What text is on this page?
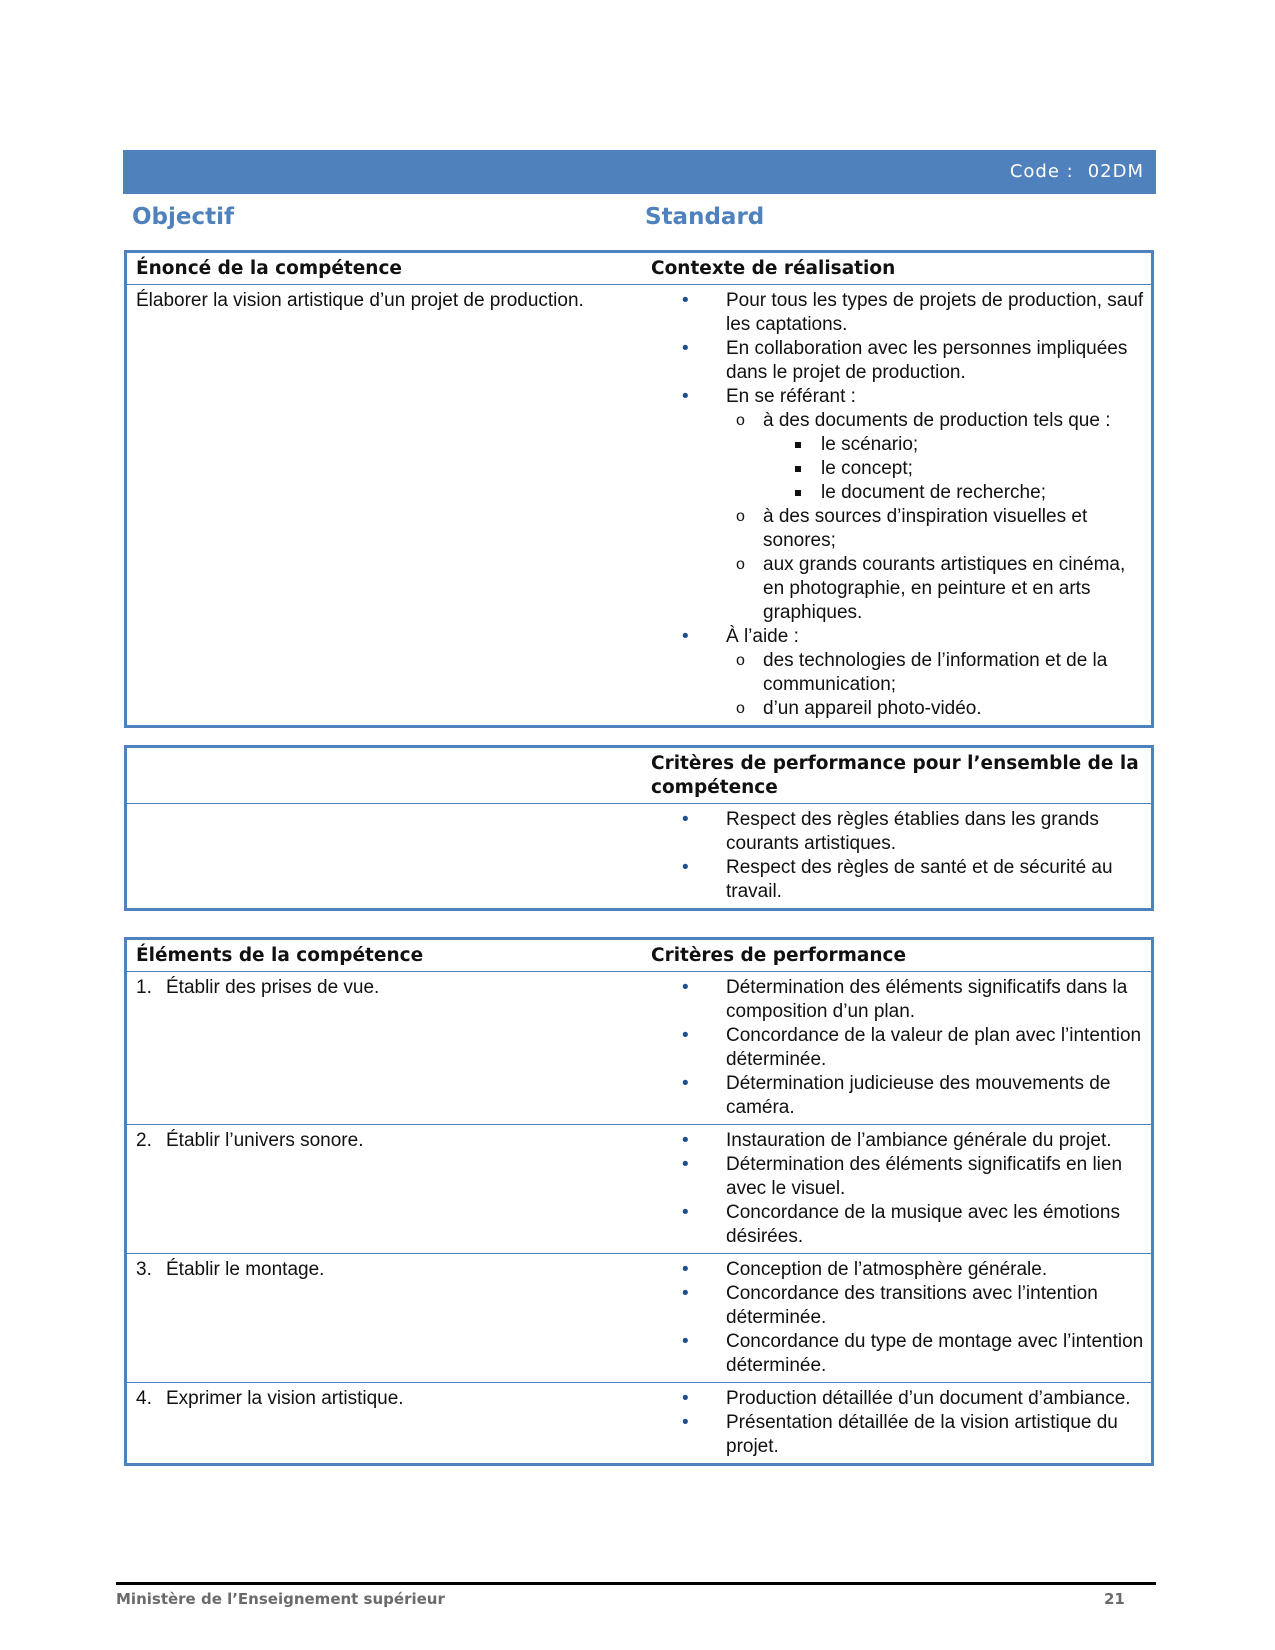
Code : 02DM
Objectif	Standard
Énoncé de la compétence	Contexte de réalisation
Élaborer la vision artistique d’un projet de production.	
•Pour tous les types de projets de production, sauf les captations.
• En collaboration avec les personnes impliquées dans le projet de production.
• En se référant :
o à des documents de production tels que :
le scénario;
le concept;
le document de recherche;
o à des sources d’inspiration visuelles et sonores;
o aux grands courants artistiques en cinéma, en photographie, en peinture et en arts graphiques.
• À l’aide :
o des technologies de l’information et de la communication;
o d’un appareil photo-vidéo.
	Critères de performance pour l’ensemble de la compétence

• Respect des règles établies dans les grands courants artistiques.
• Respect des règles de santé et de sécurité au travail.
Éléments de la compétence	Critères de performance
1. Établir des prises de vue.	
•Détermination des éléments significatifs dans la composition d’un plan.
• Concordance de la valeur de plan avec l’intention déterminée.
• Détermination judicieuse des mouvements de caméra.

2. Établir l’univers sonore.	
•Instauration de l’ambiance générale du projet.
• Détermination des éléments significatifs en lien avec le visuel.
• Concordance de la musique avec les émotions désirées.

3. Établir le montage.	
•Conception de l’atmosphère générale.
• Concordance des transitions avec l’intention déterminée.
• Concordance du type de montage avec l’intention déterminée.

4. Exprimer la vision artistique.	
•Production détaillée d’un document d’ambiance.
• Présentation détaillée de la vision artistique du projet.
Ministère de l’Enseignement supérieur	21
